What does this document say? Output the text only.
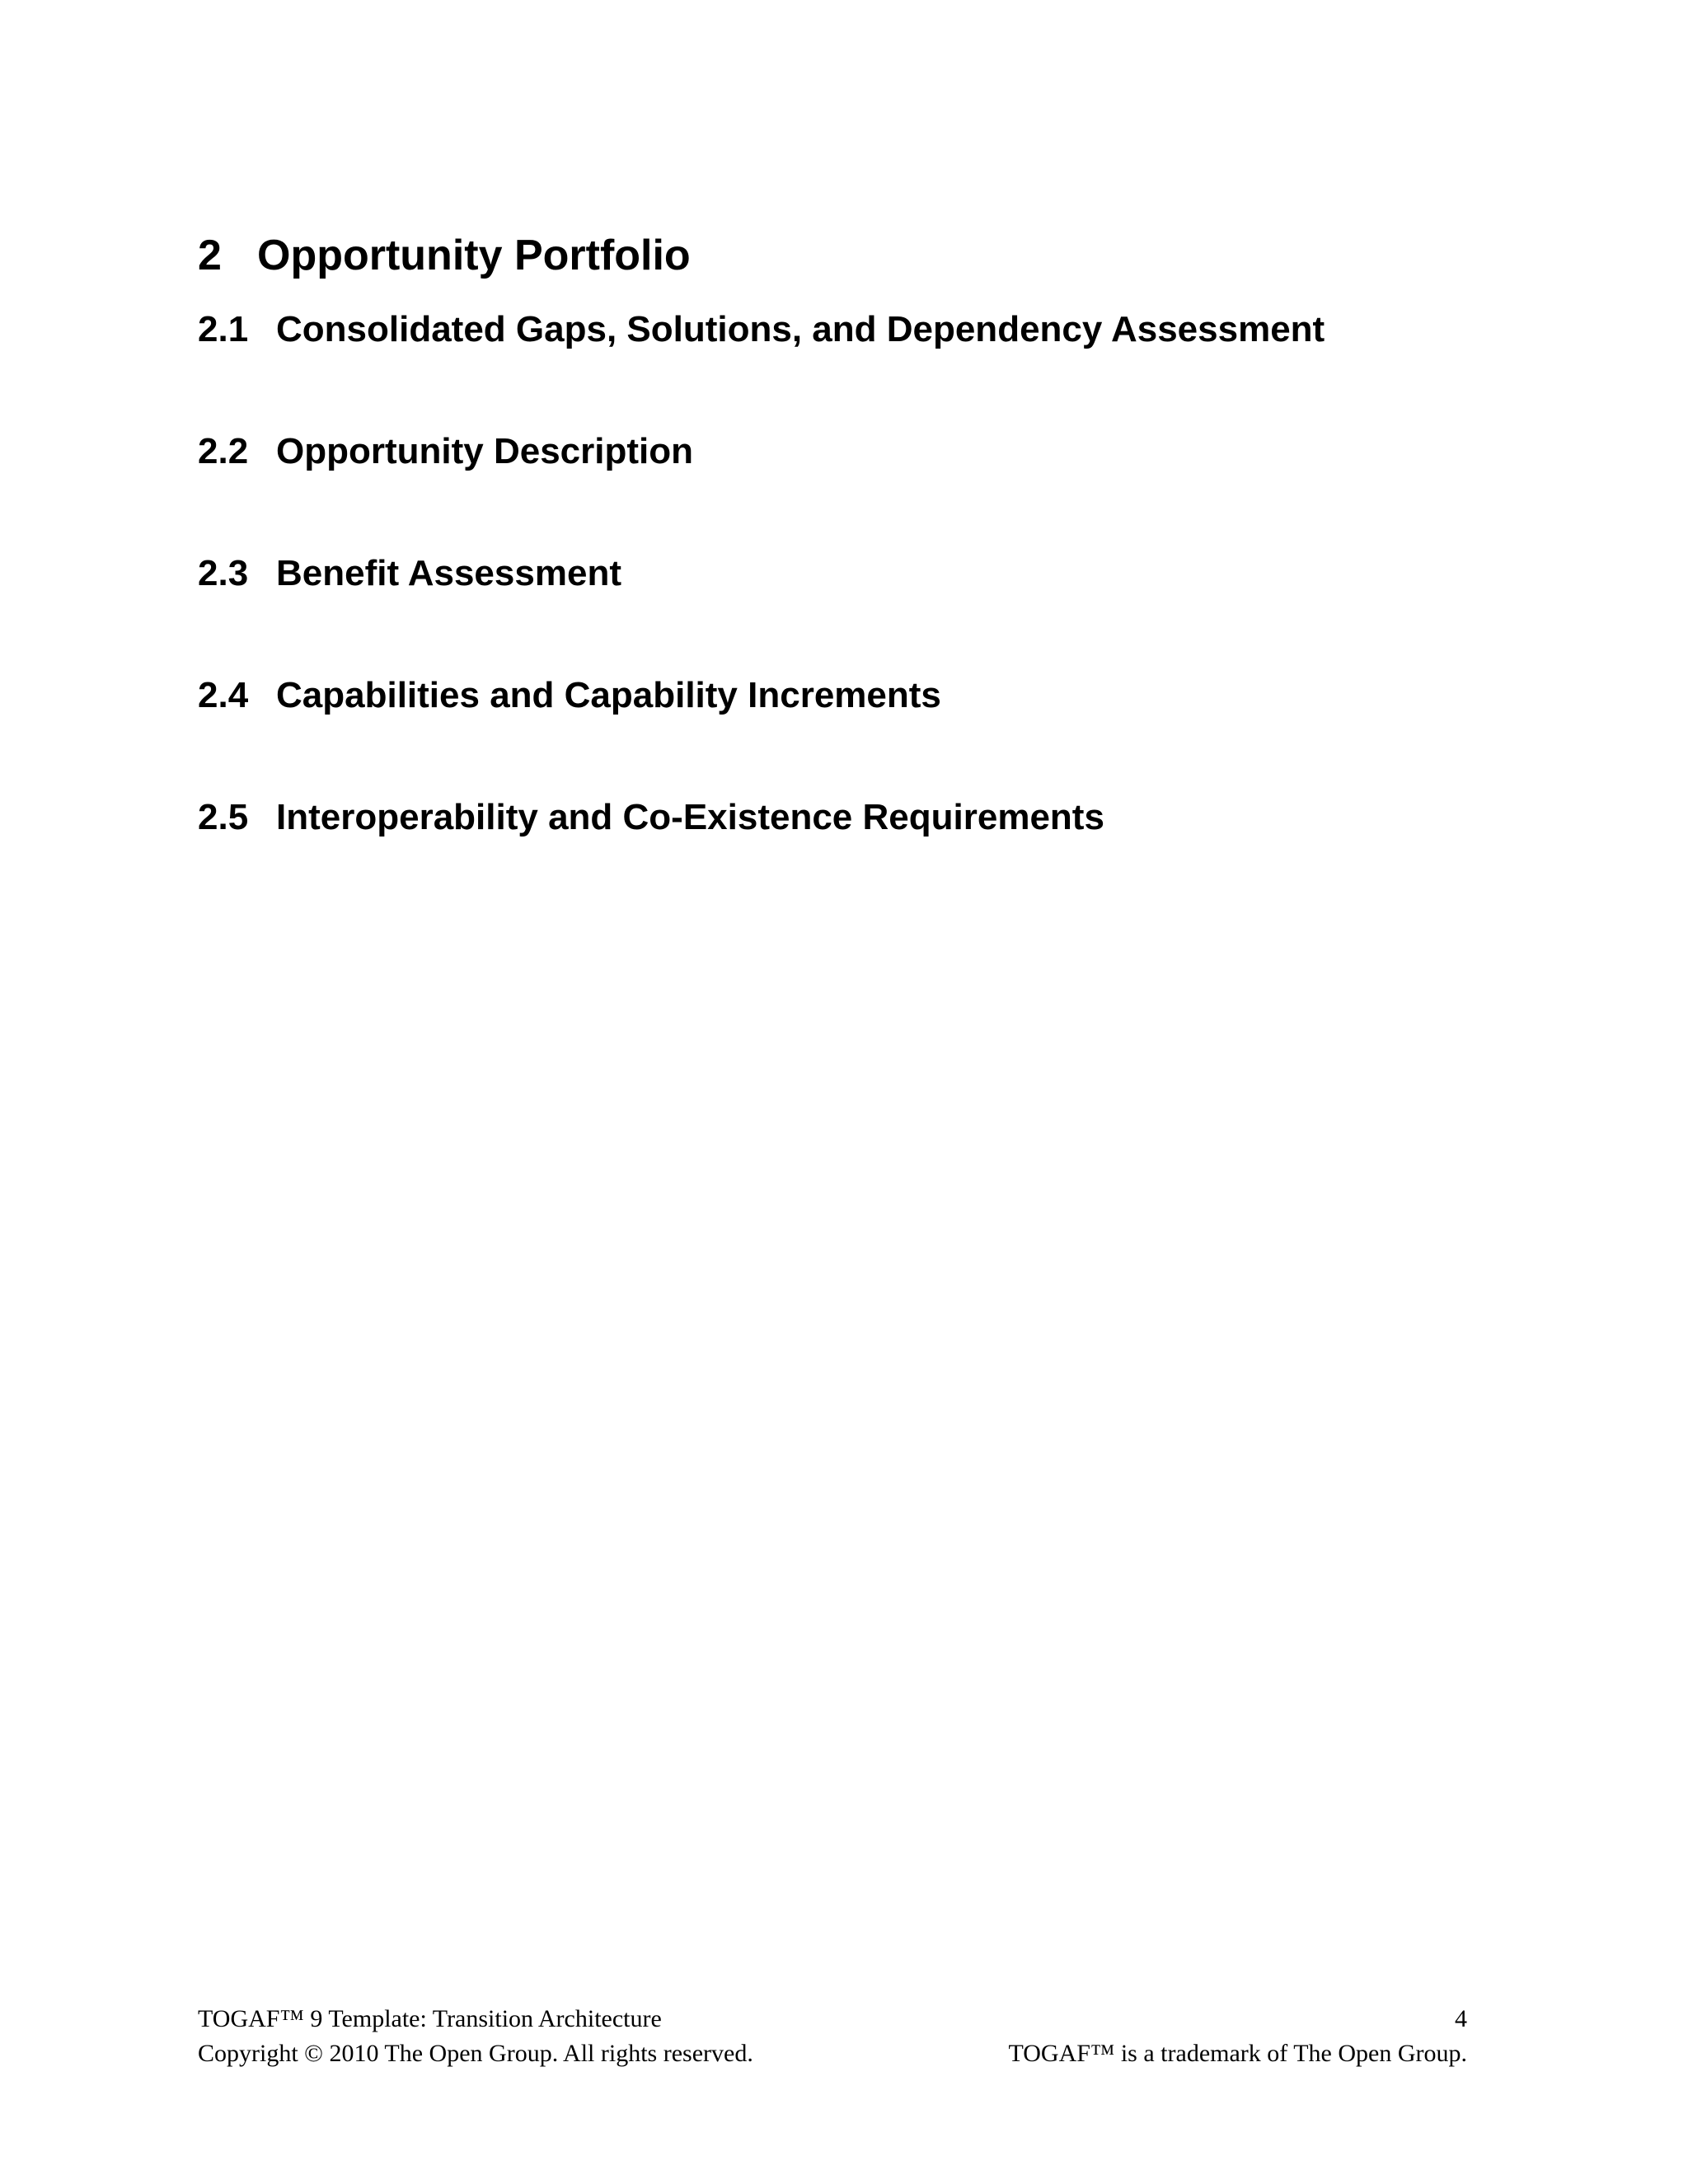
2 Opportunity Portfolio
2.1 Consolidated Gaps, Solutions, and Dependency Assessment
2.2 Opportunity Description
2.3 Benefit Assessment
2.4 Capabilities and Capability Increments
2.5 Interoperability and Co-Existence Requirements
TOGAF™ 9 Template: Transition Architecture	4
Copyright © 2010 The Open Group. All rights reserved.	TOGAF™ is a trademark of The Open Group.
